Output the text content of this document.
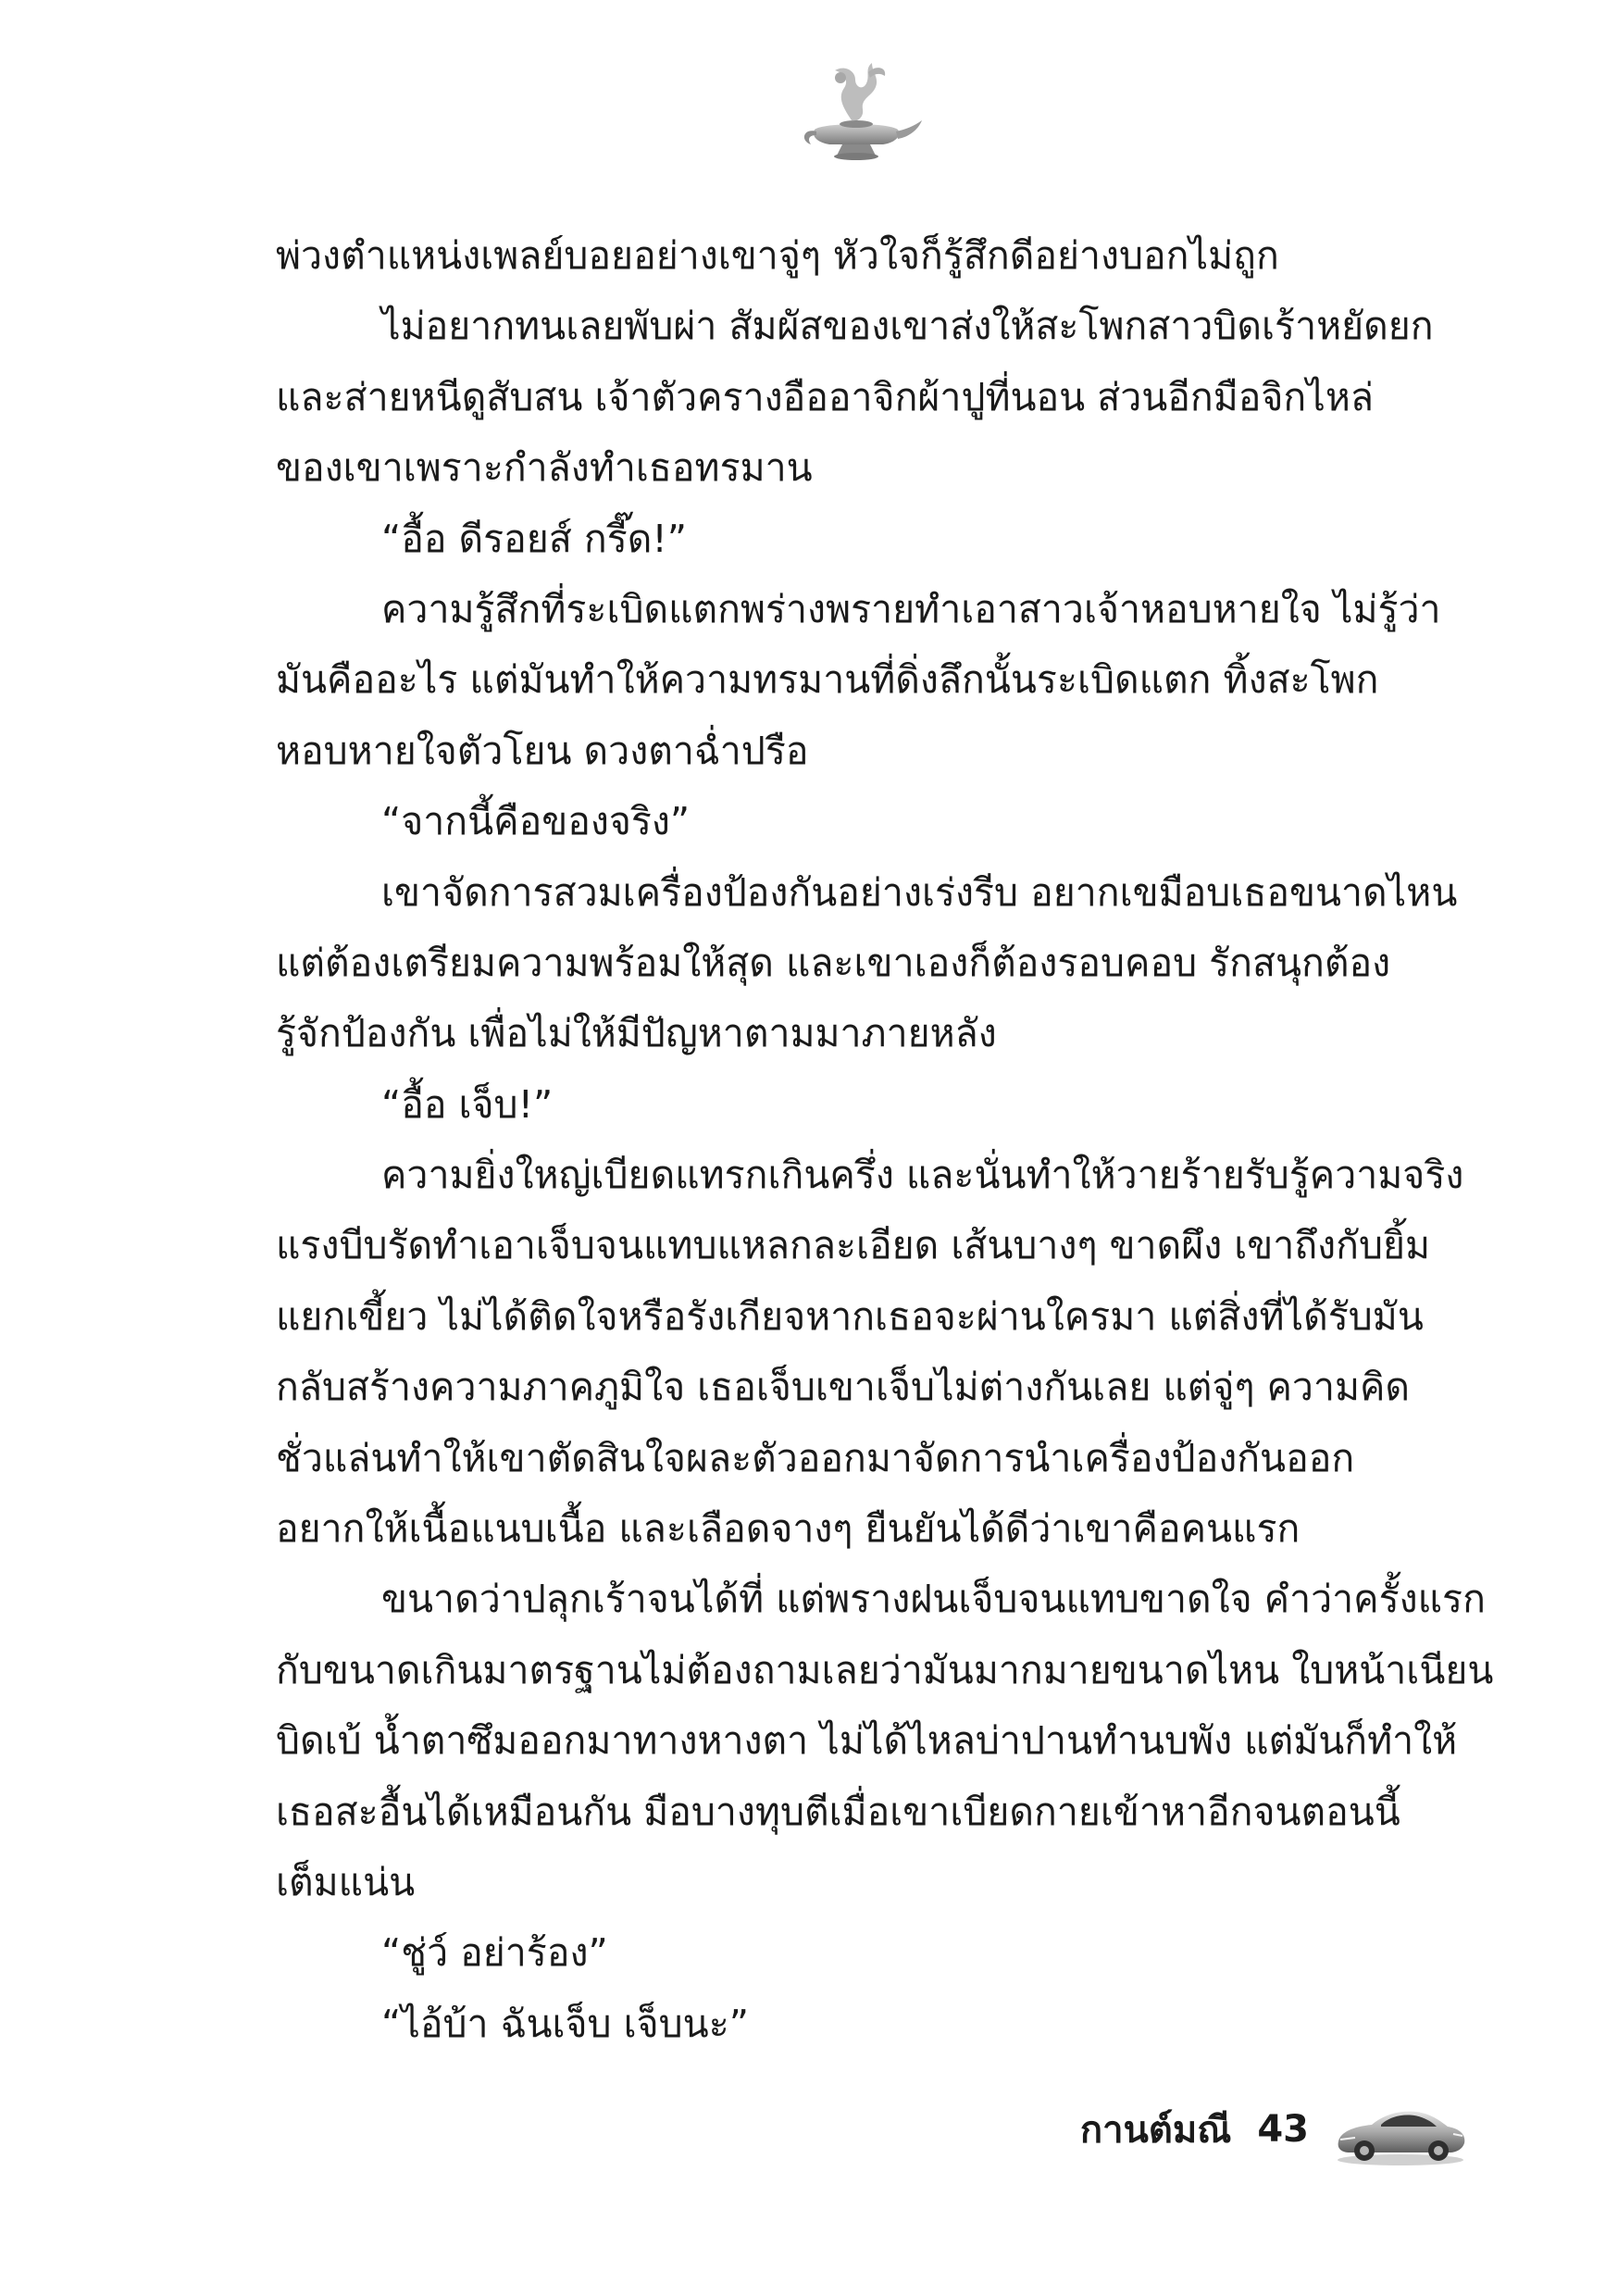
พ่วงตำแหน่งเพลย์บอยอย่างเขาจู่ๆ หัวใจก็รู้สึกดีอย่างบอกไม่ถูก
ไม่อยากทนเลยพับผ่า สัมผัสของเขาส่งให้สะโพกสาวบิดเร้าหยัดยก
และส่ายหนีดูสับสน เจ้าตัวครางอืออาจิกผ้าปูที่นอน ส่วนอีกมือจิกไหล่
ของเขาเพราะกำลังทำเธอทรมาน
“อื้อ ดีรอยส์ กรี๊ด!”
ความรู้สึกที่ระเบิดแตกพร่างพรายทำเอาสาวเจ้าหอบหายใจ ไม่รู้ว่า
มันคืออะไร แต่มันทำให้ความทรมานที่ดิ่งลึกนั้นระเบิดแตก ทิ้งสะโพก
หอบหายใจตัวโยน ดวงตาฉ่ำปรือ
“จากนี้คือของจริง”
เขาจัดการสวมเครื่องป้องกันอย่างเร่งรีบ อยากเขมือบเธอขนาดไหน
แต่ต้องเตรียมความพร้อมให้สุด และเขาเองก็ต้องรอบคอบ รักสนุกต้อง
รู้จักป้องกัน เพื่อไม่ให้มีปัญหาตามมาภายหลัง
“อื้อ เจ็บ!”
ความยิ่งใหญ่เบียดแทรกเกินครึ่ง และนั่นทำให้วายร้ายรับรู้ความจริง
แรงบีบรัดทำเอาเจ็บจนแทบแหลกละเอียด เส้นบางๆ ขาดผึง เขาถึงกับยิ้ม
แยกเขี้ยว ไม่ได้ติดใจหรือรังเกียจหากเธอจะผ่านใครมา แต่สิ่งที่ได้รับมัน
กลับสร้างความภาคภูมิใจ เธอเจ็บเขาเจ็บไม่ต่างกันเลย แต่จู่ๆ ความคิด
ชั่วแล่นทำให้เขาตัดสินใจผละตัวออกมาจัดการนำเครื่องป้องกันออก
อยากให้เนื้อแนบเนื้อ และเลือดจางๆ ยืนยันได้ดีว่าเขาคือคนแรก
ขนาดว่าปลุกเร้าจนได้ที่ แต่พรางฝนเจ็บจนแทบขาดใจ คำว่าครั้งแรก
กับขนาดเกินมาตรฐานไม่ต้องถามเลยว่ามันมากมายขนาดไหน ใบหน้าเนียน
บิดเบ้ น้ำตาซึมออกมาทางหางตา ไม่ได้ไหลบ่าปานทำนบพัง แต่มันก็ทำให้
เธอสะอื้นได้เหมือนกัน มือบางทุบตีเมื่อเขาเบียดกายเข้าหาอีกจนตอนนี้
เต็มแน่น
“ชู่ว์ อย่าร้อง”
“ไอ้บ้า ฉันเจ็บ เจ็บนะ”
กานต์มณี 43
